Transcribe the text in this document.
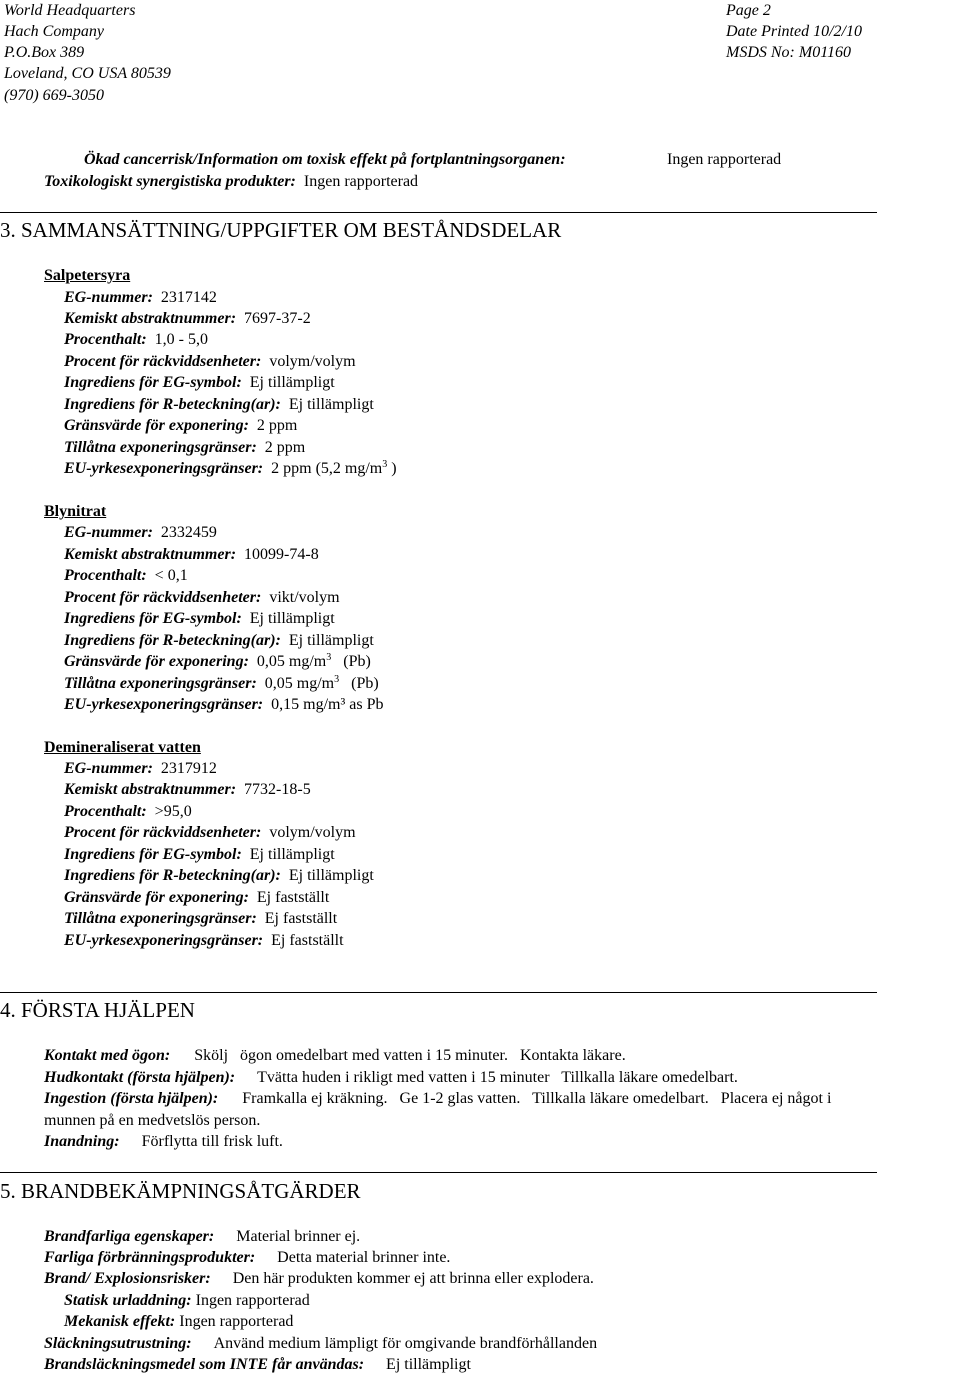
World Headquarters
Hach Company
P.O.Box 389
Loveland, CO USA 80539
(970) 669-3050
Page 2
Date Printed 10/2/10
MSDS No: M01160
Ökad cancerrisk/Information om toxisk effekt på fortplantningsorganen:	Ingen rapporterad
Toxikologiskt synergistiska produkter: Ingen rapporterad
3. SAMMANSÄTTNING/UPPGIFTER OM BESTÅNDSDELAR
Salpetersyra
EG-nummer: 2317142
Kemiskt abstraktnummer: 7697-37-2
Procenthalt: 1,0 - 5,0
Procent för räckviddsenheter: volym/volym
Ingrediens för EG-symbol: Ej tillämpligt
Ingrediens för R-beteckning(ar): Ej tillämpligt
Gränsvärde för exponering: 2 ppm
Tillåtna exponeringsgränser: 2 ppm
EU-yrkesexponeringsgränser: 2 ppm (5,2 $mg/m^3$ )
Blynitrat
EG-nummer: 2332459
Kemiskt abstraktnummer: 10099-74-8
Procenthalt: < 0,1
Procent för räckviddsenheter: vikt/volym
Ingrediens för EG-symbol: Ej tillämpligt
Ingrediens för R-beteckning(ar): Ej tillämpligt
Gränsvärde för exponering: 0,05 $mg/m^3$   (Pb)
Tillåtna exponeringsgränser: 0,05 $mg/m^3$   (Pb)
EU-yrkesexponeringsgränser: 0,15 mg/m³ as Pb
Demineraliserat vatten
EG-nummer: 2317912
Kemiskt abstraktnummer: 7732-18-5
Procenthalt: >95,0
Procent för räckviddsenheter: volym/volym
Ingrediens för EG-symbol: Ej tillämpligt
Ingrediens för R-beteckning(ar): Ej tillämpligt
Gränsvärde för exponering: Ej fastställt
Tillåtna exponeringsgränser: Ej fastställt
EU-yrkesexponeringsgränser: Ej fastställt
4. FÖRSTA HJÄLPEN
Kontakt med ögon: Skölj   ögon omedelbart med vatten i 15 minuter.   Kontakta läkare.
Hudkontakt (första hjälpen): Tvätta huden i rikligt med vatten i 15 minuter   Tillkalla läkare omedelbart.
Ingestion (första hjälpen): Framkalla ej kräkning.   Ge 1-2 glas vatten.   Tillkalla läkare omedelbart.   Placera ej något i
munnen på en medvetslös person.
Inandning: Förflytta till frisk luft.
5. BRANDBEKÄMPNINGSÅTGÄRDER
Brandfarliga egenskaper: Material brinner ej.
Farliga förbränningsprodukter: Detta material brinner inte.
Brand/ Explosionsrisker: Den här produkten kommer ej att brinna eller explodera.
Statisk urladdning: Ingen rapporterad
Mekanisk effekt: Ingen rapporterad
Släckningsutrustning: Använd medium lämpligt för omgivande brandförhållanden
Brandsläckningsmedel som INTE får användas: Ej tillämpligt
